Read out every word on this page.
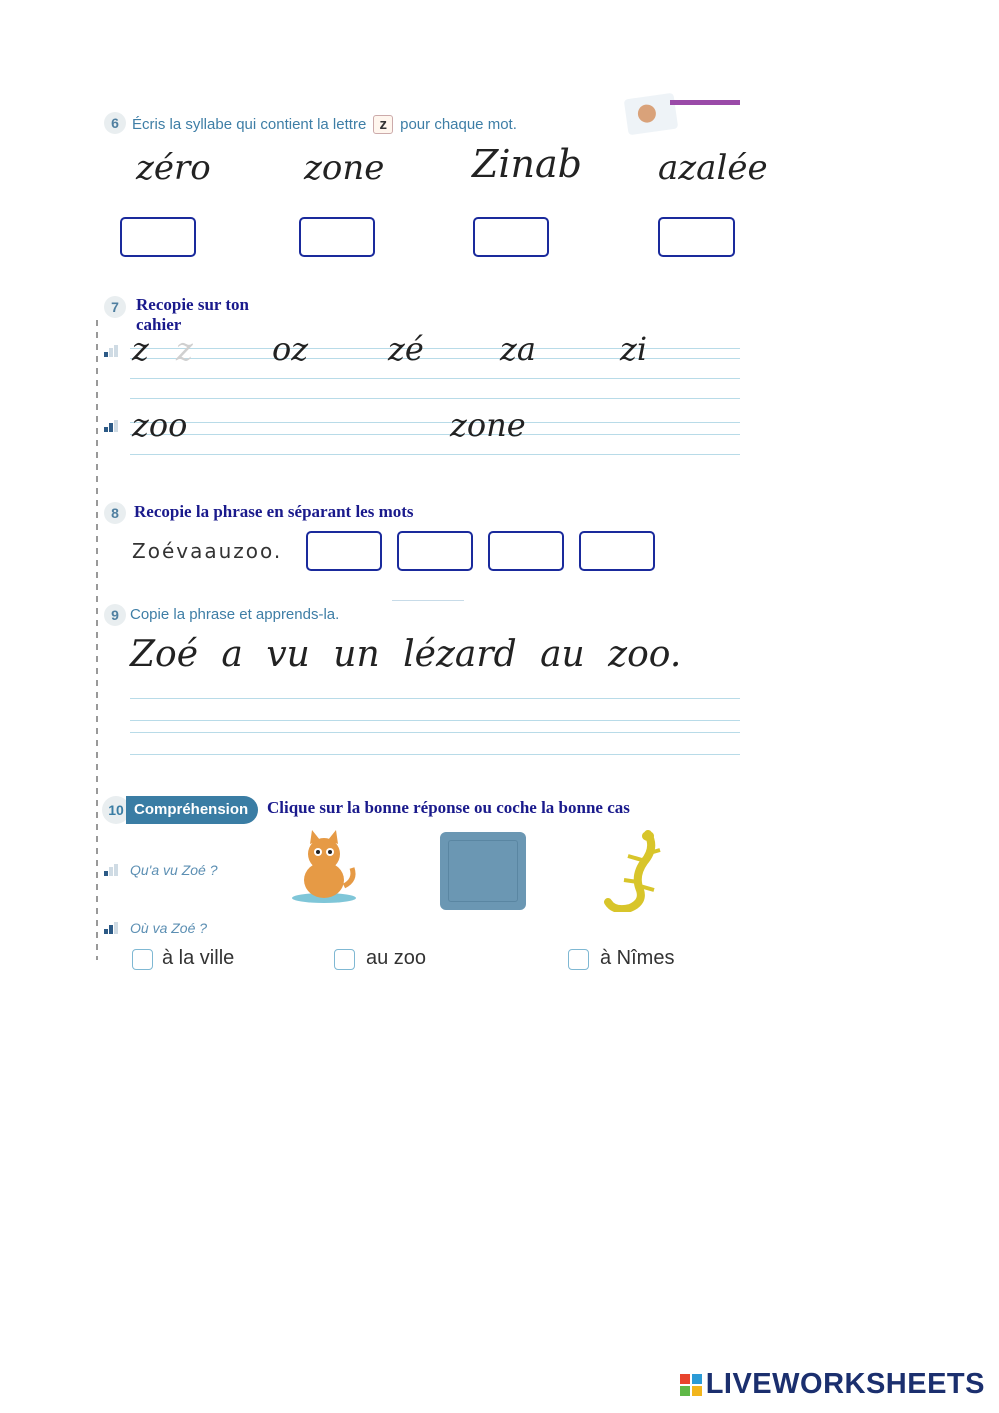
6 Écris la syllabe qui contient la lettre z pour chaque mot.
zéro	zone Zinab azalée
7	Recopie sur ton cahier
z z oz zé za	zi
zoo	zone
8 Recopie la phrase en séparant les mots
Zoévaauzoo.
9 Copie la phrase et apprends-la.
Zoé a vu un lézard au zoo.
10 Compréhension	Clique sur la bonne réponse ou coche la bonne cas
Qu'a vu Zoé ?
Où va Zoé ?
à la ville	au zoo	à Nîmes
LIVEWORKSHEETS
